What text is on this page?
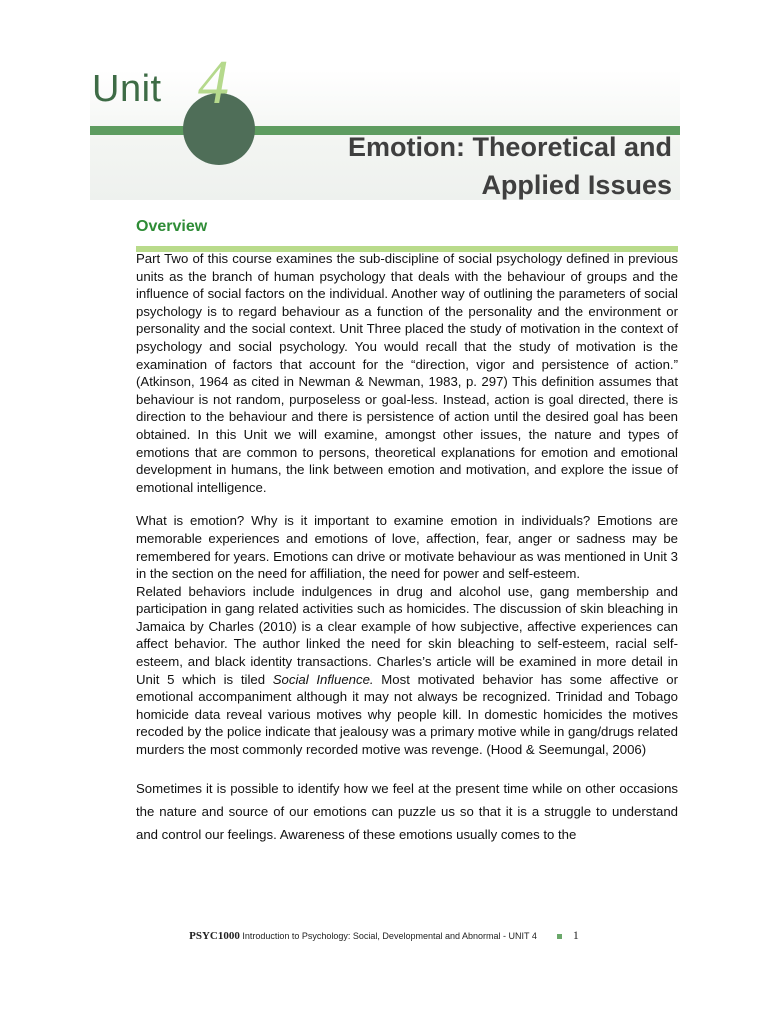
Unit 4
Emotion: Theoretical and
Applied Issues
Overview

Part Two of this course examines the sub-discipline of social psychology defined in previous units as the branch of human psychology that deals with the behaviour of groups and the influence of social factors on the individual. Another way of outlining the parameters of social psychology is to regard behaviour as a function of the personality and the environment or personality and the social context. Unit Three placed the study of motivation in the context of psychology and social psychology. You would recall that the study of motivation is the examination of factors that account for the “direction, vigor and persistence of action.” (Atkinson, 1964 as cited in Newman & Newman, 1983, p. 297) This definition assumes that behaviour is not random, purposeless or goal-less. Instead, action is goal directed, there is direction to the behaviour and there is persistence of action until the desired goal has been obtained. In this Unit we will examine, amongst other issues, the nature and types of emotions that are common to persons, theoretical explanations for emotion and emotional development in humans, the link between emotion and motivation, and explore the issue of emotional intelligence.

What is emotion? Why is it important to examine emotion in individuals? Emotions are memorable experiences and emotions of love, affection, fear, anger or sadness may be remembered for years. Emotions can drive or motivate behaviour as was mentioned in Unit 3 in the section on the need for affiliation, the need for power and self-esteem.

Related behaviors include indulgences in drug and alcohol use, gang membership and participation in gang related activities such as homicides. The discussion of skin bleaching in Jamaica by Charles (2010) is a clear example of how subjective, affective experiences can affect behavior. The author linked the need for skin bleaching to self-esteem, racial self-esteem, and black identity transactions. Charles’s article will be examined in more detail in Unit 5 which is tiled Social Influence. Most motivated behavior has some affective or emotional accompaniment although it may not always be recognized. Trinidad and Tobago homicide data reveal various motives why people kill. In domestic homicides the motives recoded by the police indicate that jealousy was a primary motive while in gang/drugs related murders the most commonly recorded motive was revenge. (Hood & Seemungal, 2006)

Sometimes it is possible to identify how we feel at the present time while on other occasions the nature and source of our emotions can puzzle us so that it is a struggle to understand and control our feelings. Awareness of these emotions usually comes to the

PSYC1000 Introduction to Psychology: Social, Developmental and Abnormal - UNIT 4	1
